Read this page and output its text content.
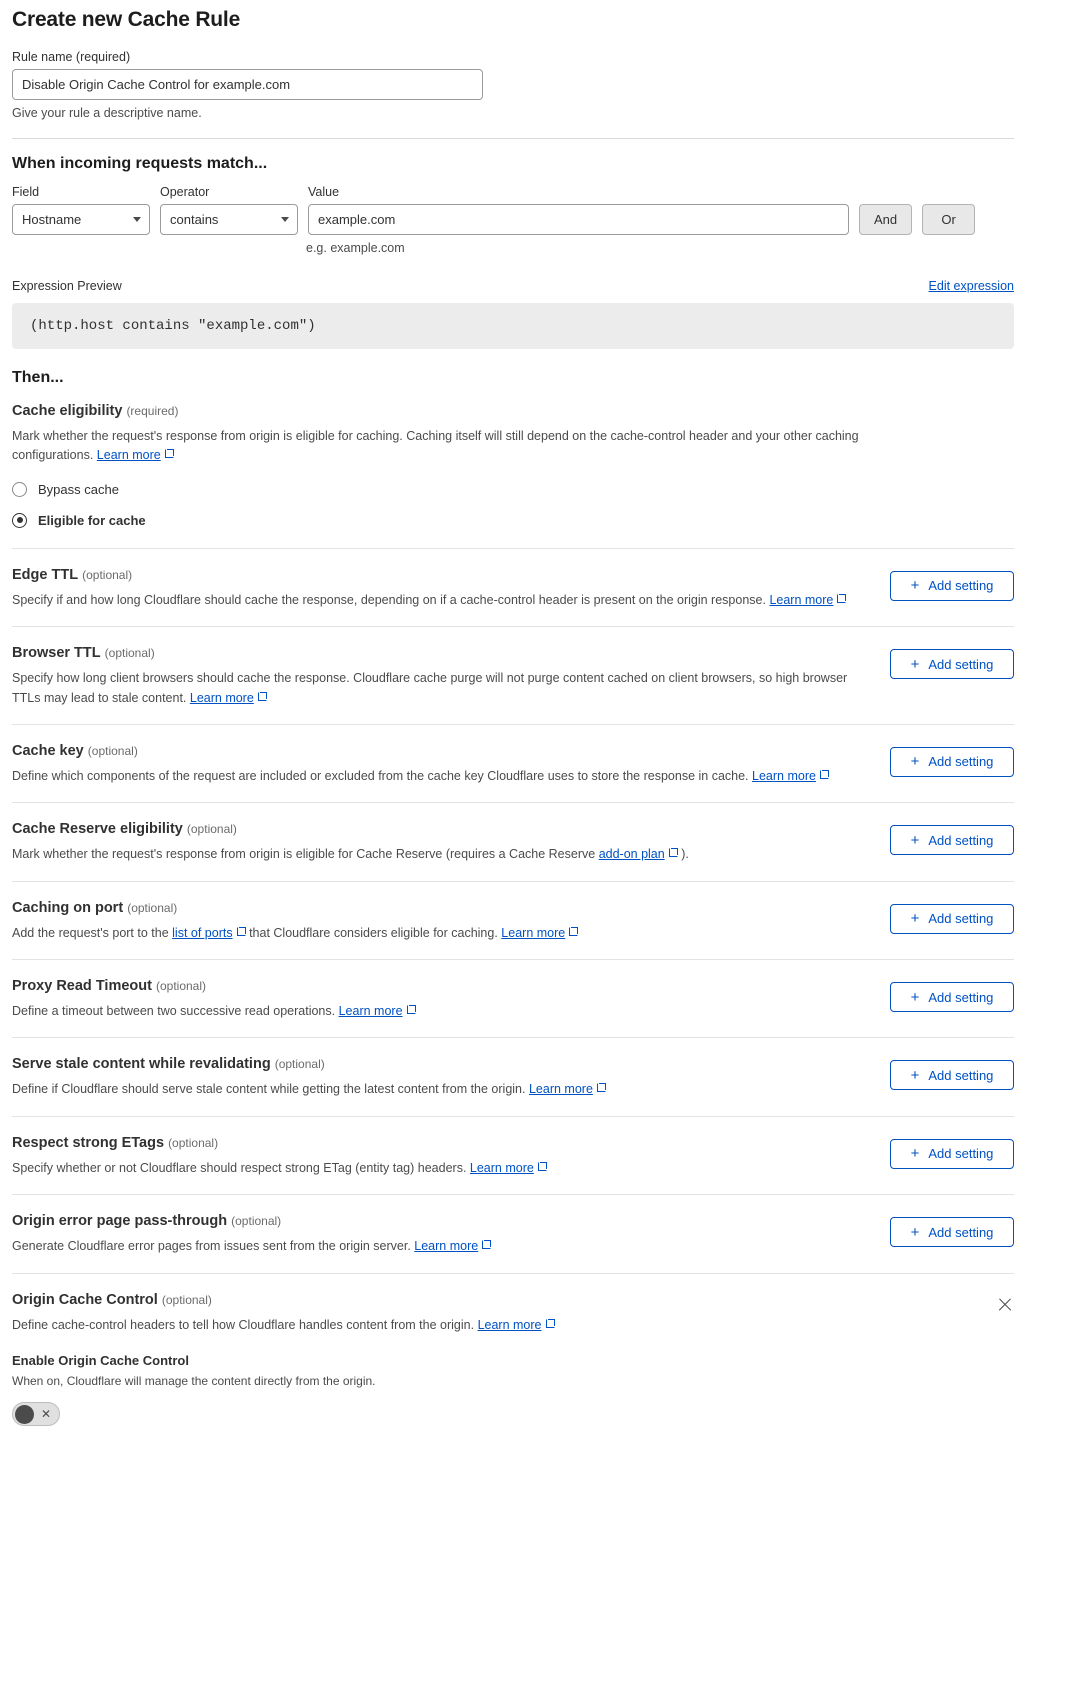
Create new Cache Rule
Rule name (required)
Disable Origin Cache Control for example.com
Give your rule a descriptive name.
When incoming requests match...
Field
Hostname
Operator
contains
Value
example.com
And	Or
e.g. example.com
Expression Preview	Edit expression
(http.host contains "example.com")
Then...
Cache eligibility (required)
Mark whether the request's response from origin is eligible for caching. Caching itself will still depend on the cache-control header and your other caching configurations. Learn more
Bypass cache
Eligible for cache
Edge TTL (optional)
Specify if and how long Cloudflare should cache the response, depending on if a cache-control header is present on the origin response. Learn more
+ Add setting
Browser TTL (optional)
Specify how long client browsers should cache the response. Cloudflare cache purge will not purge content cached on client browsers, so high browser TTLs may lead to stale content. Learn more
+ Add setting
Cache key (optional)
Define which components of the request are included or excluded from the cache key Cloudflare uses to store the response in cache. Learn more
+ Add setting
Cache Reserve eligibility (optional)
Mark whether the request's response from origin is eligible for Cache Reserve (requires a Cache Reserve add-on plan ).
+ Add setting
Caching on port (optional)
Add the request's port to the list of ports that Cloudflare considers eligible for caching. Learn more
+ Add setting
Proxy Read Timeout (optional)
Define a timeout between two successive read operations. Learn more
+ Add setting
Serve stale content while revalidating (optional)
Define if Cloudflare should serve stale content while getting the latest content from the origin. Learn more
+ Add setting
Respect strong ETags (optional)
Specify whether or not Cloudflare should respect strong ETag (entity tag) headers. Learn more
+ Add setting
Origin error page pass-through (optional)
Generate Cloudflare error pages from issues sent from the origin server. Learn more
+ Add setting
Origin Cache Control (optional)
Define cache-control headers to tell how Cloudflare handles content from the origin. Learn more
Enable Origin Cache Control
When on, Cloudflare will manage the content directly from the origin.
✕
